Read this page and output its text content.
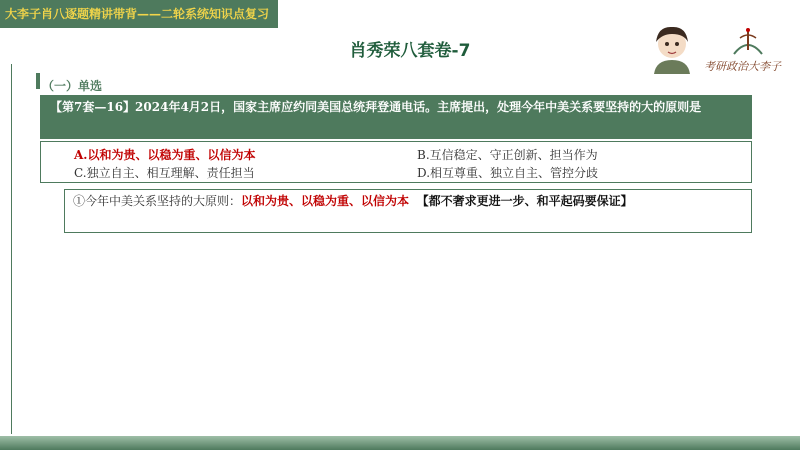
大李子肖八逐题精讲带背——二轮系统知识点复习
肖秀荣八套卷-7
考研政治大李子
（一）单选
【第7套—16】2024年4月2日，国家主席应约同美国总统拜登通电话。主席提出，处理今年中美关系要坚持的大的原则是
A.以和为贵、以稳为重、以信为本	B.互信稳定、守正创新、担当作为
C.独立自主、相互理解、责任担当	D.相互尊重、独立自主、管控分歧
①今年中美关系坚持的大原则：以和为贵、以稳为重、以信为本 【都不奢求更进一步、和平起码要保证】
